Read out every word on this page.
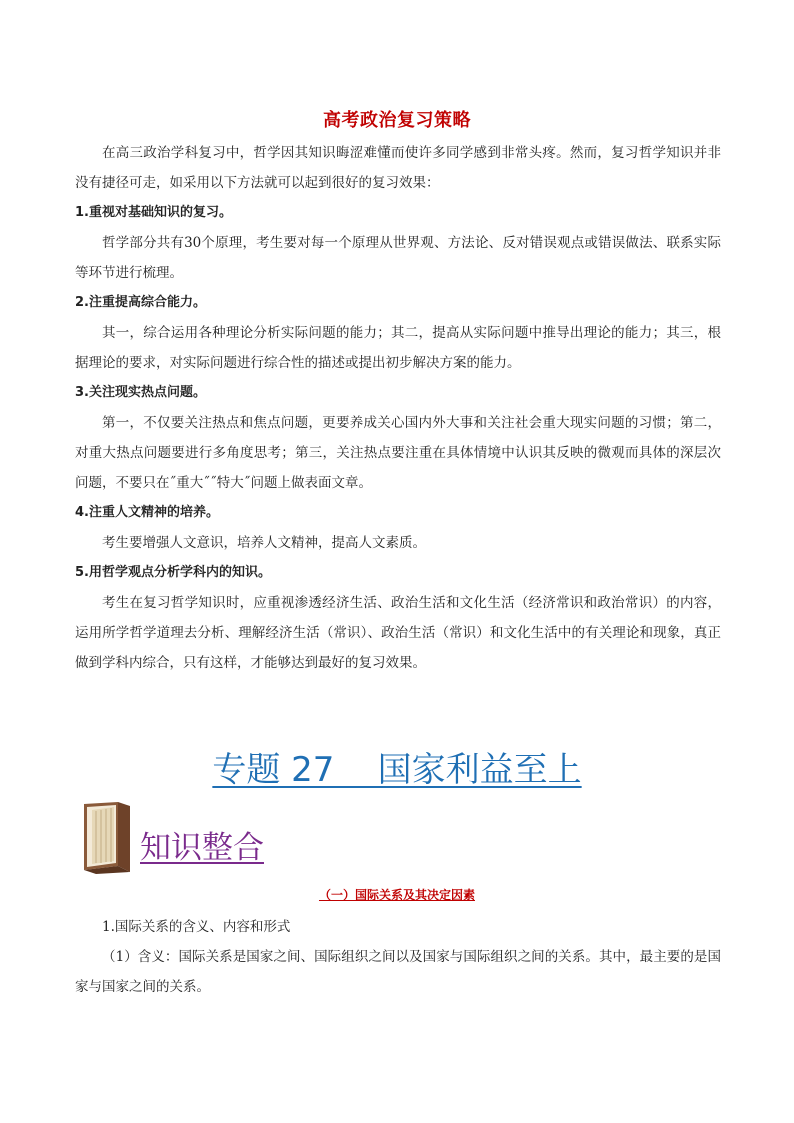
高考政治复习策略

在高三政治学科复习中，哲学因其知识晦涩难懂而使许多同学感到非常头疼。然而，复习哲学知识并非没有捷径可走，如采用以下方法就可以起到很好的复习效果：

1.重视对基础知识的复习。

哲学部分共有30个原理，考生要对每一个原理从世界观、方法论、反对错误观点或错误做法、联系实际等环节进行梳理。

2.注重提高综合能力。

其一，综合运用各种理论分析实际问题的能力；其二，提高从实际问题中推导出理论的能力；其三，根据理论的要求，对实际问题进行综合性的描述或提出初步解决方案的能力。

3.关注现实热点问题。

第一，不仅要关注热点和焦点问题，更要养成关心国内外大事和关注社会重大现实问题的习惯；第二，对重大热点问题要进行多角度思考；第三，关注热点要注重在具体情境中认识其反映的微观而具体的深层次问题，不要只在˝重大˝˝特大˝问题上做表面文章。

4.注重人文精神的培养。

考生要增强人文意识，培养人文精神，提高人文素质。

5.用哲学观点分析学科内的知识。

考生在复习哲学知识时，应重视渗透经济生活、政治生活和文化生活（经济常识和政治常识）的内容，运用所学哲学道理去分析、理解经济生活（常识）、政治生活（常识）和文化生活中的有关理论和现象，真正做到学科内综合，只有这样，才能够达到最好的复习效果。

专题 27    国家利益至上
知识整合
（一）国际关系及其决定因素

1.国际关系的含义、内容和形式

（1）含义：国际关系是国家之间、国际组织之间以及国家与国际组织之间的关系。其中，最主要的是国家与国家之间的关系。
